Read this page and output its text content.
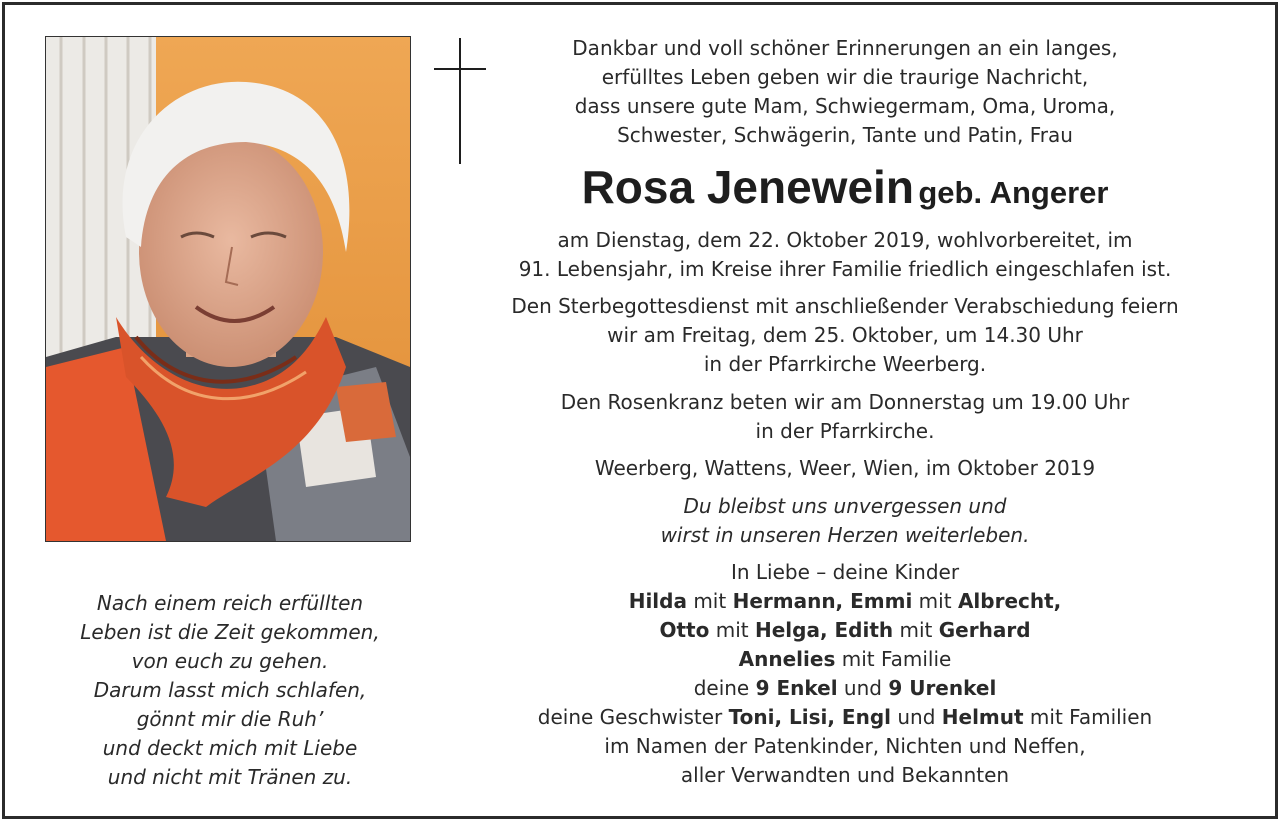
Dankbar und voll schöner Erinnerungen an ein langes,
erfülltes Leben geben wir die traurige Nachricht,
dass unsere gute Mam, Schwiegermam, Oma, Uroma,
Schwester, Schwägerin, Tante und Patin, Frau
Rosa Jenewein geb. Angerer
am Dienstag, dem 22. Oktober 2019, wohlvorbereitet, im
91. Lebensjahr, im Kreise ihrer Familie friedlich eingeschlafen ist.
Den Sterbegottesdienst mit anschließender Verabschiedung feiern
wir am Freitag, dem 25. Oktober, um 14.30 Uhr
in der Pfarrkirche Weerberg.
Den Rosenkranz beten wir am Donnerstag um 19.00 Uhr
in der Pfarrkirche.
Weerberg, Wattens, Weer, Wien, im Oktober 2019
Du bleibst uns unvergessen und
wirst in unseren Herzen weiterleben.
In Liebe – deine Kinder
Hilda mit Hermann, Emmi mit Albrecht,
Otto mit Helga, Edith mit Gerhard
Annelies mit Familie
deine 9 Enkel und 9 Urenkel
deine Geschwister Toni, Lisi, Engl und Helmut mit Familien
im Namen der Patenkinder, Nichten und Neffen,
aller Verwandten und Bekannten
Nach einem reich erfüllten
Leben ist die Zeit gekommen,
von euch zu gehen.
Darum lasst mich schlafen,
gönnt mir die Ruh’
und deckt mich mit Liebe
und nicht mit Tränen zu.
